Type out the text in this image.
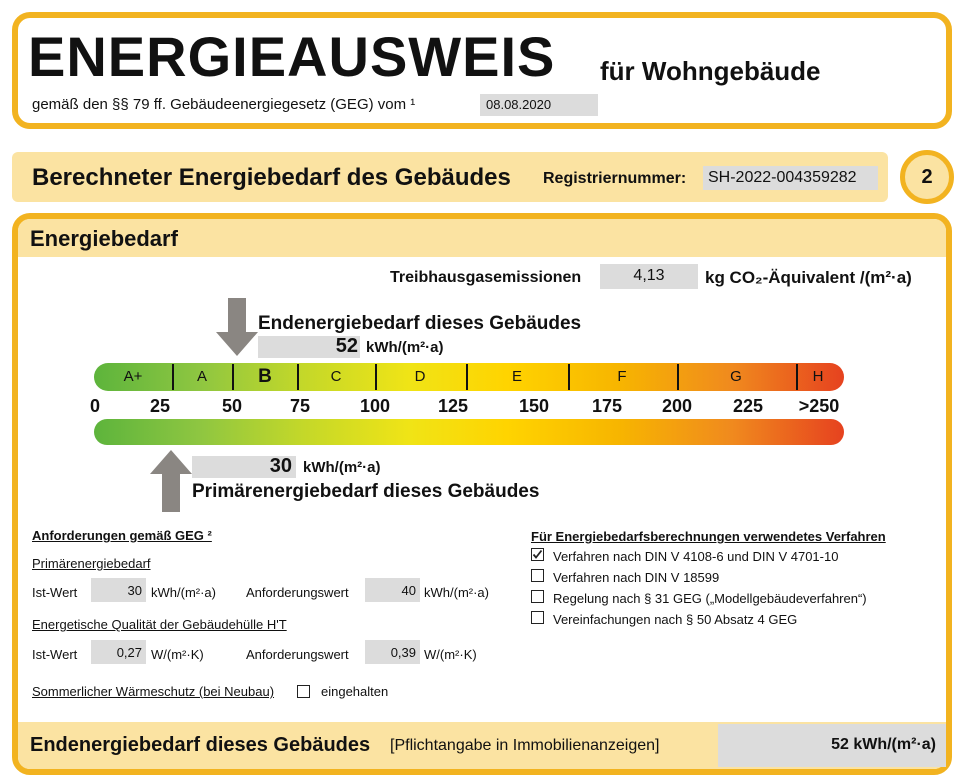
ENERGIEAUSWEIS für Wohngebäude
gemäß den §§ 79 ff. Gebäudeenergiegesetz (GEG) vom ¹	08.08.2020
Berechneter Energiebedarf des Gebäudes Registriernummer:	SH-2022-004359282	2
Energiebedarf
Treibhausgasemissionen	4,13	kg CO₂-Äquivalent /(m²·a)
Endenergiebedarf dieses Gebäudes
52 kWh/(m²·a)
A+	A	B	C	D	E	F	G	H
0	25	50	75	100	125	150 175 200 225 >250
30 kWh/(m²·a)
Primärenergiebedarf dieses Gebäudes
Anforderungen gemäß GEG ²
Primärenergiebedarf
Ist-Wert	30 kWh/(m²·a) Anforderungswert	40 kWh/(m²·a)
Energetische Qualität der Gebäudehülle H'T
Ist-Wert	0,27 W/(m²·K)	Anforderungswert	0,39 W/(m²·K)
Sommerlicher Wärmeschutz (bei Neubau)	eingehalten
Für Energiebedarfsberechnungen verwendetes Verfahren
Verfahren nach DIN V 4108-6 und DIN V 4701-10
Verfahren nach DIN V 18599
Regelung nach § 31 GEG („Modellgebäudeverfahren“)
Vereinfachungen nach § 50 Absatz 4 GEG
Endenergiebedarf dieses Gebäudes [Pflichtangabe in Immobilienanzeigen]	52 kWh/(m²·a)
